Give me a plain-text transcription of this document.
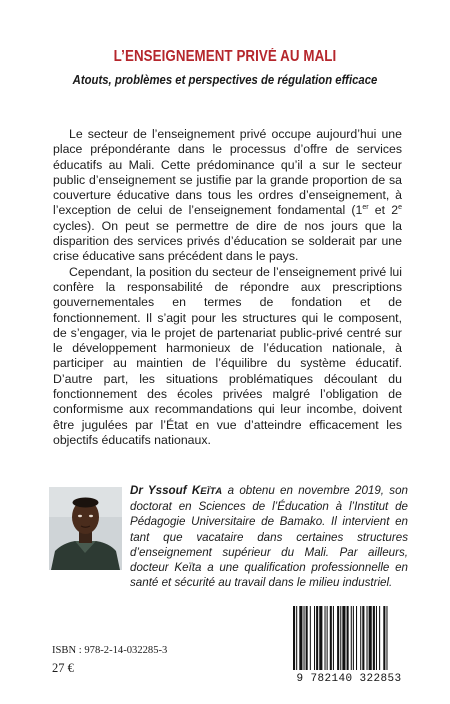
L’ENSEIGNEMENT PRIVÉ AU MALI
Atouts, problèmes et perspectives de régulation efficace

Le secteur de l’enseignement privé occupe aujourd’hui une place prépondérante dans le processus d’offre de services éducatifs au Mali. Cette prédominance qu’il a sur le secteur public d’enseignement se justifie par la grande proportion de sa couverture éducative dans tous les ordres d’enseignement, à l’exception de celui de l’enseignement fondamental (1er et 2e cycles). On peut se permettre de dire de nos jours que la disparition des services privés d’éducation se solderait par une crise éducative sans précédent dans le pays.

Cependant, la position du secteur de l’enseignement privé lui confère la responsabilité de répondre aux prescriptions gouvernementales en termes de fondation et de fonctionnement. Il s’agit pour les structures qui le composent, de s’engager, via le projet de partenariat public-privé centré sur le développement harmonieux de l’éducation nationale, à participer au maintien de l’équilibre du système éducatif. D’autre part, les situations problématiques découlant du fonctionnement des écoles privées malgré l’obligation de conformisme aux recommandations qui leur incombe, doivent être jugulées par l’État en vue d’atteindre efficacement les objectifs éducatifs nationaux.

Dr Yssouf KEÏTA a obtenu en novembre 2019, son doctorat en Sciences de l’Éducation à l’Institut de Pédagogie Universitaire de Bamako. Il intervient en tant que vacataire dans certaines structures d’enseignement supérieur du Mali. Par ailleurs, docteur Keïta a une qualification professionnelle en santé et sécurité au travail dans le milieu industriel.
ISBN : 978-2-14-032285-3
27 €
9 782140 322853
